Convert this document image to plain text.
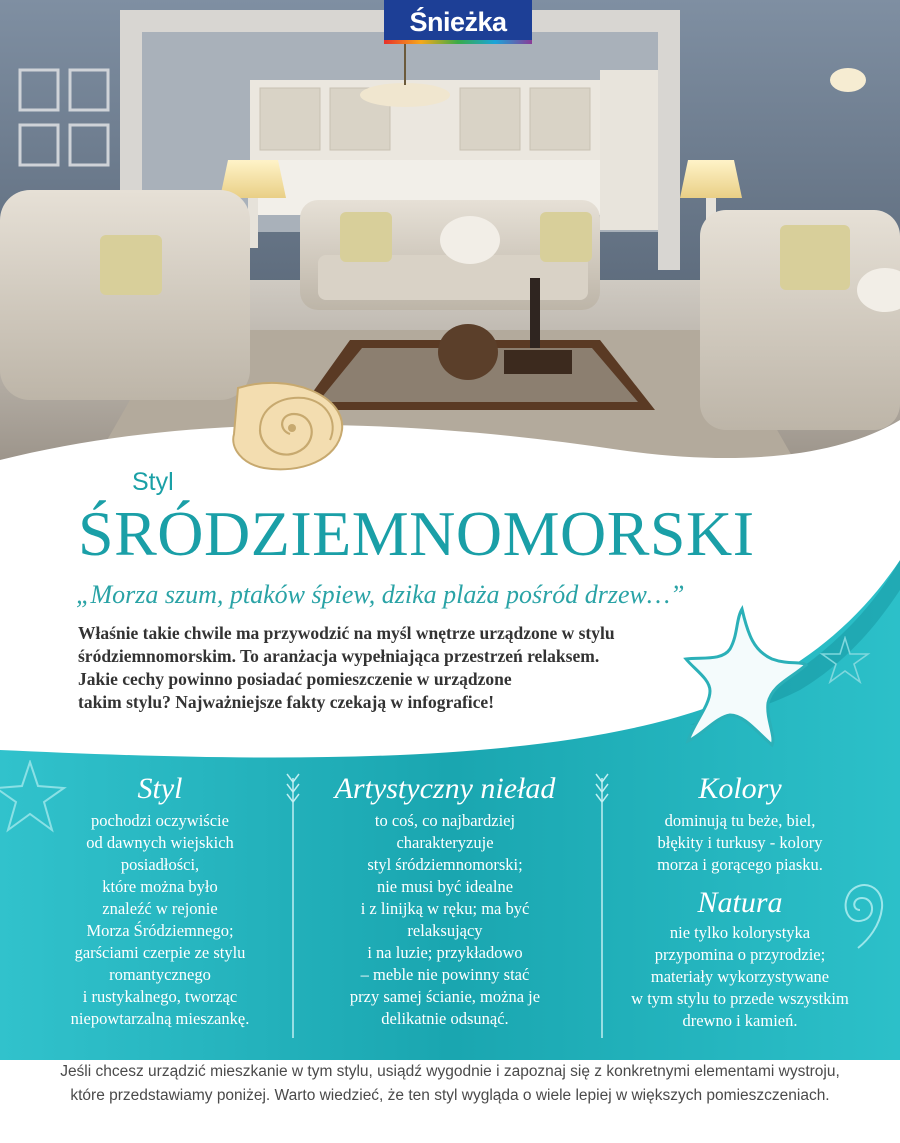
Śnieżka
Styl
ŚRÓDZIEMNOMORSKI
„Morza szum, ptaków śpiew, dzika plaża pośród drzew…”
Właśnie takie chwile ma przywodzić na myśl wnętrze urządzone w stylu
śródziemnomorskim. To aranżacja wypełniająca przestrzeń relaksem.
Jakie cechy powinno posiadać pomieszczenie w urządzone
takim stylu? Najważniejsze fakty czekają w infografice!
Styl

pochodzi oczywiście
od dawnych wiejskich
posiadłości,
które można było
znaleźć w rejonie
Morza Śródziemnego;
garściami czerpie ze stylu
romantycznego
i rustykalnego, tworząc
niepowtarzalną mieszankę.

Artystyczny nieład

to coś, co najbardziej
charakteryzuje
styl śródziemnomorski;
nie musi być idealne
i z linijką w ręku; ma być
relaksujący
i na luzie; przykładowo
– meble nie powinny stać
przy samej ścianie, można je
delikatnie odsunąć.

Kolory

dominują tu beże, biel,
błękity i turkusy - kolory
morza i gorącego piasku.

Natura

nie tylko kolorystyka
przypomina o przyrodzie;
materiały wykorzystywane
w tym stylu to przede wszystkim
drewno i kamień.

Jeśli chcesz urządzić mieszkanie w tym stylu, usiądź wygodnie i zapoznaj się z konkretnymi elementami wystroju,
które przedstawiamy poniżej. Warto wiedzieć, że ten styl wygląda o wiele lepiej w większych pomieszczeniach.
